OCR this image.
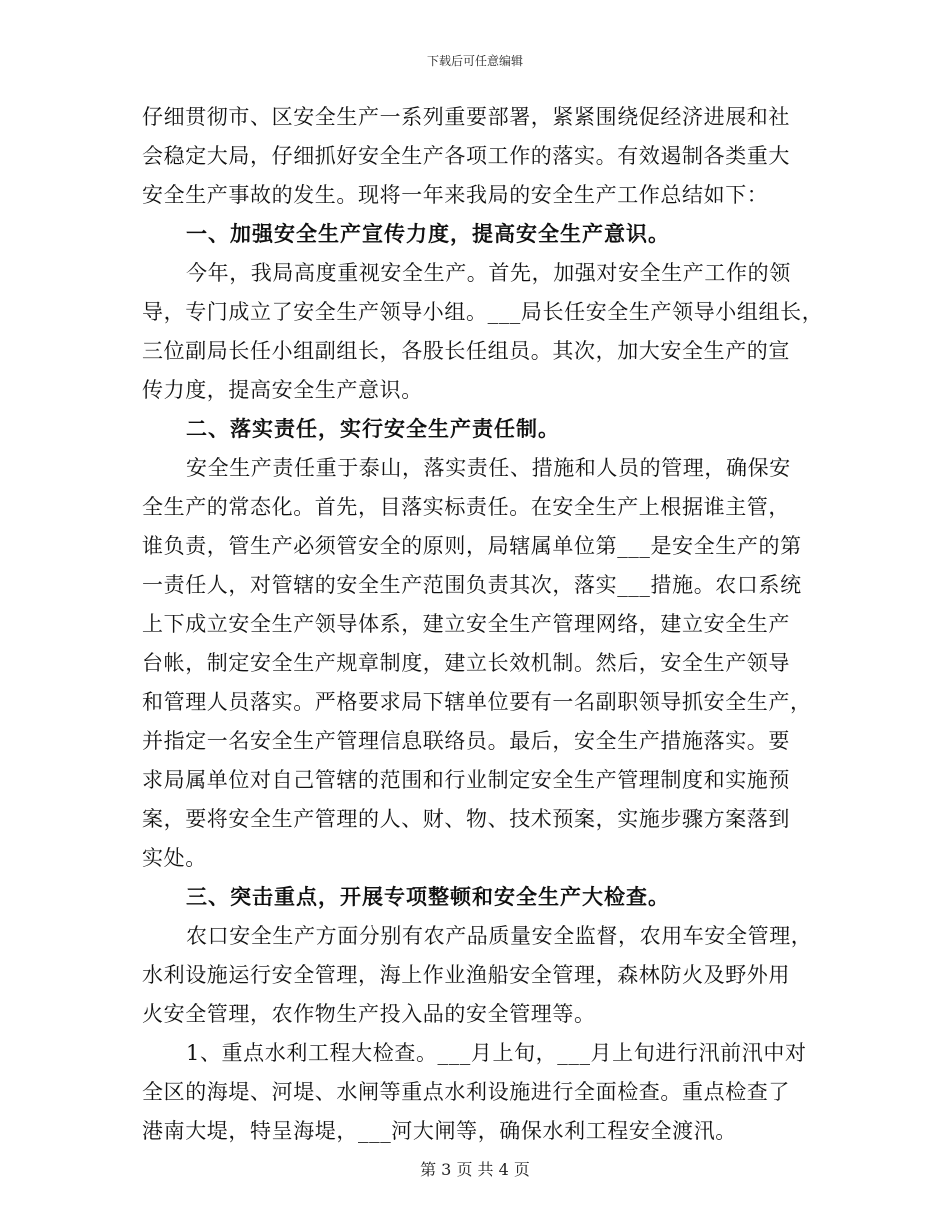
下载后可任意编辑
仔细贯彻市、区安全生产一系列重要部署，紧紧围绕促经济进展和社
会稳定大局，仔细抓好安全生产各项工作的落实。有效遏制各类重大
安全生产事故的发生。现将一年来我局的安全生产工作总结如下：
一、加强安全生产宣传力度，提高安全生产意识。
今年，我局高度重视安全生产。首先，加强对安全生产工作的领
导，专门成立了安全生产领导小组。___局长任安全生产领导小组组长，
三位副局长任小组副组长，各股长任组员。其次，加大安全生产的宣
传力度，提高安全生产意识。
二、落实责任，实行安全生产责任制。
安全生产责任重于泰山，落实责任、措施和人员的管理，确保安
全生产的常态化。首先，目落实标责任。在安全生产上根据谁主管，
谁负责，管生产必须管安全的原则，局辖属单位第___是安全生产的第
一责任人，对管辖的安全生产范围负责其次，落实___措施。农口系统
上下成立安全生产领导体系，建立安全生产管理网络，建立安全生产
台帐，制定安全生产规章制度，建立长效机制。然后，安全生产领导
和管理人员落实。严格要求局下辖单位要有一名副职领导抓安全生产，
并指定一名安全生产管理信息联络员。最后，安全生产措施落实。要
求局属单位对自己管辖的范围和行业制定安全生产管理制度和实施预
案，要将安全生产管理的人、财、物、技术预案，实施步骤方案落到
实处。
三、突击重点，开展专项整顿和安全生产大检查。
农口安全生产方面分别有农产品质量安全监督，农用车安全管理，
水利设施运行安全管理，海上作业渔船安全管理，森林防火及野外用
火安全管理，农作物生产投入品的安全管理等。
1、重点水利工程大检查。___月上旬，___月上旬进行汛前汛中对
全区的海堤、河堤、水闸等重点水利设施进行全面检查。重点检查了
港南大堤，特呈海堤，___河大闸等，确保水利工程安全渡汛。
第 3 页 共 4 页
